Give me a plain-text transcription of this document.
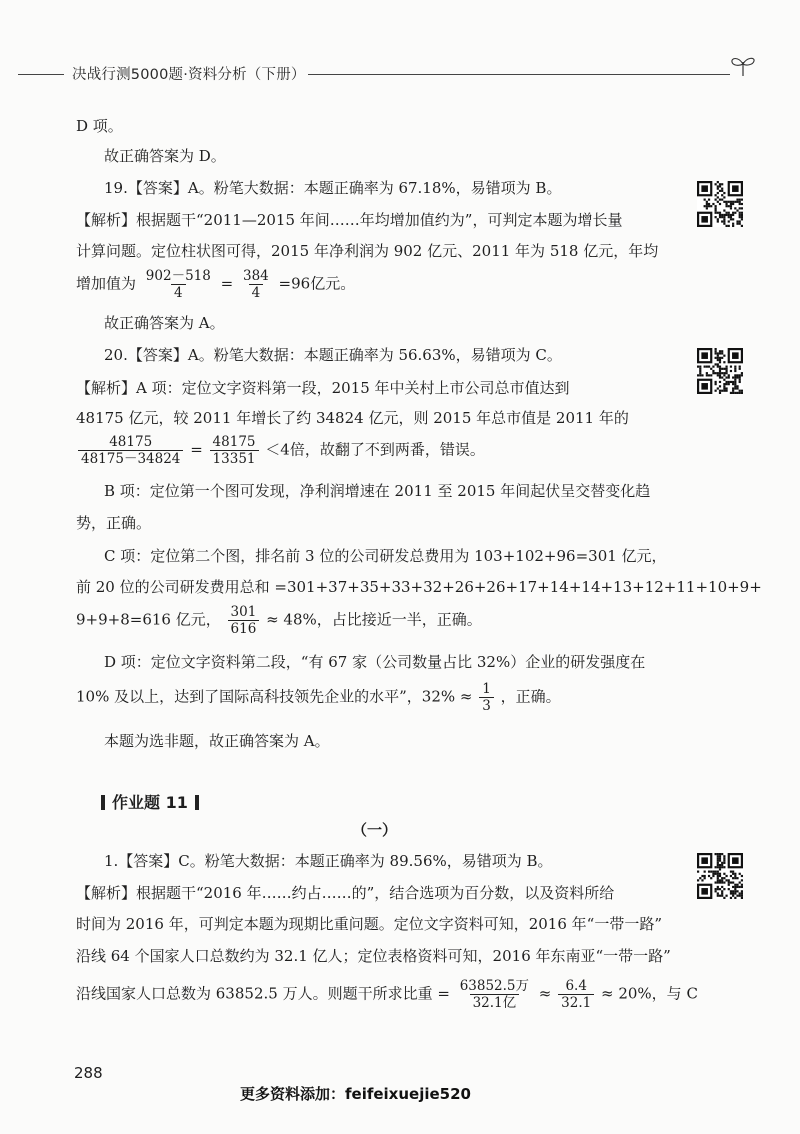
决战行测5000题·资料分析（下册）
D 项。
故正确答案为 D。
19.【答案】A。粉笔大数据：本题正确率为 67.18%，易错项为 B。
【解析】根据题干“2011—2015 年间……年均增加值约为”，可判定本题为增长量
计算问题。定位柱状图可得，2015 年净利润为 902 亿元、2011 年为 518 亿元，年均
增加值为 $\frac{902-518}{4} = \frac{384}{4} =96$亿元。
故正确答案为 A。
20.【答案】A。粉笔大数据：本题正确率为 56.63%，易错项为 C。
【解析】A 项：定位文字资料第一段，2015 年中关村上市公司总市值达到
48175 亿元，较 2011 年增长了约 34824 亿元，则 2015 年总市值是 2011 年的
$\frac{48175}{48175-34824} = \frac{48175}{13351} <4$倍，故翻了不到两番，错误。
B 项：定位第一个图可发现，净利润增速在 2011 至 2015 年间起伏呈交替变化趋
势，正确。
C 项：定位第二个图，排名前 3 位的公司研发总费用为 103+102+96=301 亿元，
前 20 位的公司研发费用总和 =301+37+35+33+32+26+26+17+14+14+13+12+11+10+9+
9+9+8=616 亿元， $\frac{301}{616} \approx 48\%$，占比接近一半，正确。
D 项：定位文字资料第二段，“有 67 家（公司数量占比 32%）企业的研发强度在
10% 及以上，达到了国际高科技领先企业的水平”，$32\% \approx \frac{1}{3}$ ，正确。
本题为选非题，故正确答案为 A。
作业题 11
（一）
1.【答案】C。粉笔大数据：本题正确率为 89.56%，易错项为 B。
【解析】根据题干“2016 年……约占……的”，结合选项为百分数，以及资料所给
时间为 2016 年，可判定本题为现期比重问题。定位文字资料可知，2016 年“一带一路”
沿线 64 个国家人口总数约为 32.1 亿人；定位表格资料可知，2016 年东南亚“一带一路”
沿线国家人口总数为 63852.5 万人。则题干所求比重 = $\frac{\text{63852.5万}}{\text{32.1亿}} \approx \frac{6.4}{32.1} \approx 20\%$，与 C
288
更多资料添加：feifeixuejie520
